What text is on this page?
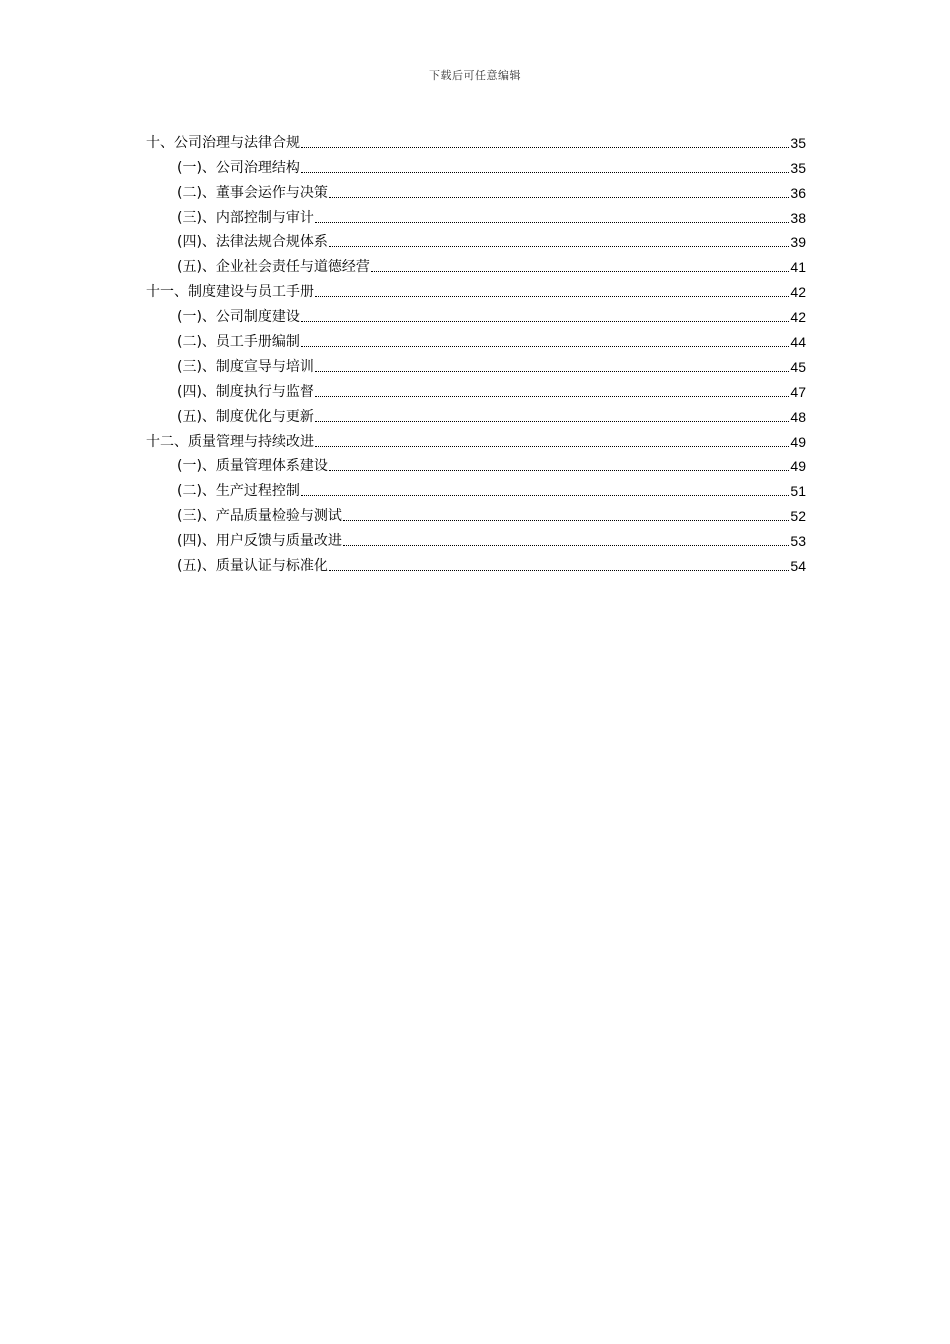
下载后可任意编辑
十、公司治理与法律合规	35
(一)、公司治理结构	35
(二)、董事会运作与决策	36
(三)、内部控制与审计	38
(四)、法律法规合规体系	39
(五)、企业社会责任与道德经营	41
十一、制度建设与员工手册	42
(一)、公司制度建设	42
(二)、员工手册编制	44
(三)、制度宣导与培训	45
(四)、制度执行与监督	47
(五)、制度优化与更新	48
十二、质量管理与持续改进	49
(一)、质量管理体系建设	49
(二)、生产过程控制	51
(三)、产品质量检验与测试	52
(四)、用户反馈与质量改进	53
(五)、质量认证与标准化	54
